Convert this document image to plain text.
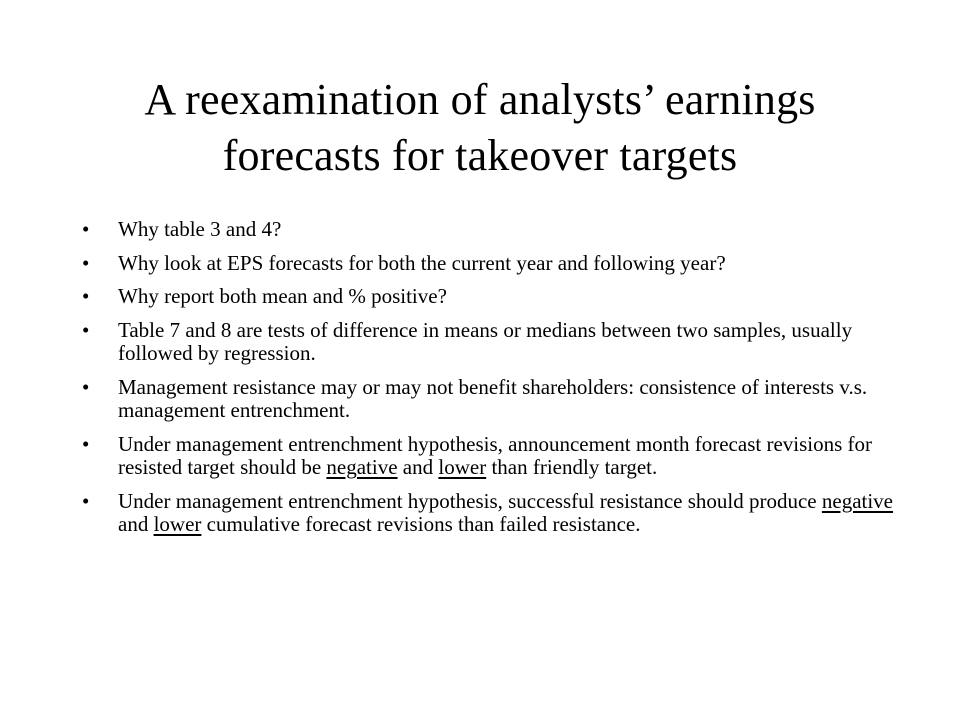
A reexamination of analysts’ earnings
forecasts for takeover targets
•	Why table 3 and 4?
•	Why look at EPS forecasts for both the current year and following year?
•	Why report both mean and % positive?
•	Table 7 and 8 are tests of difference in means or medians between two samples, usually followed by regression.
•	Management resistance may or may not benefit shareholders: consistence of interests v.s. management entrenchment.
•	Under management entrenchment hypothesis, announcement month forecast revisions for resisted target should be negative and lower than friendly target.
•	Under management entrenchment hypothesis, successful resistance should produce negative and lower cumulative forecast revisions than failed resistance.
